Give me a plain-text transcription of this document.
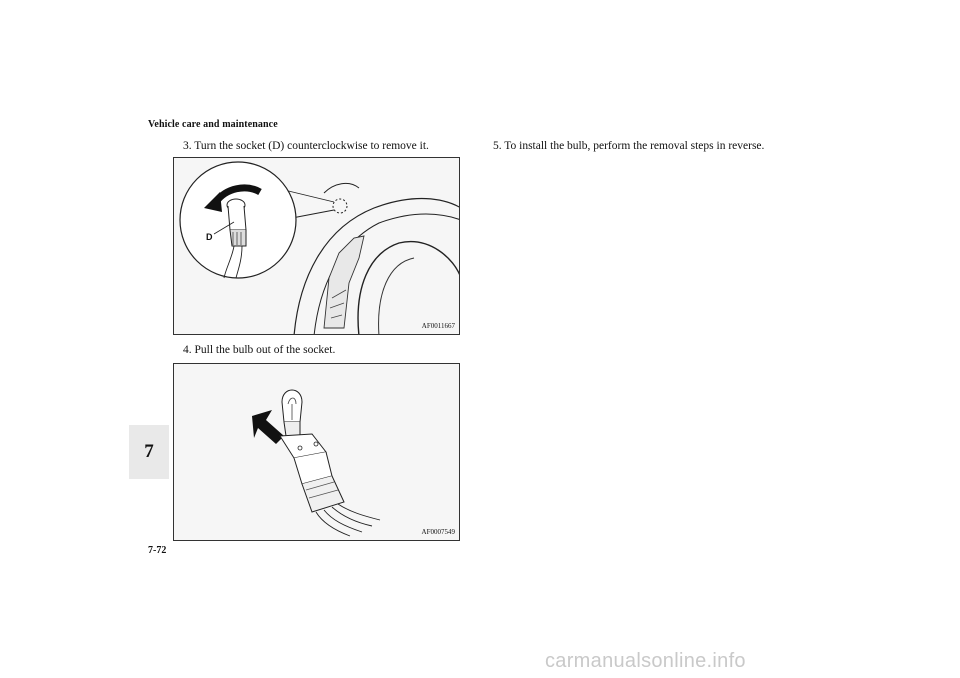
Vehicle care and maintenance
3. Turn the socket (D) counterclockwise to remove it.
D
AF0011667
4. Pull the bulb out of the socket.
AF0007549
5. To install the bulb, perform the removal steps in reverse.
7
7-72
carmanualsonline.info
